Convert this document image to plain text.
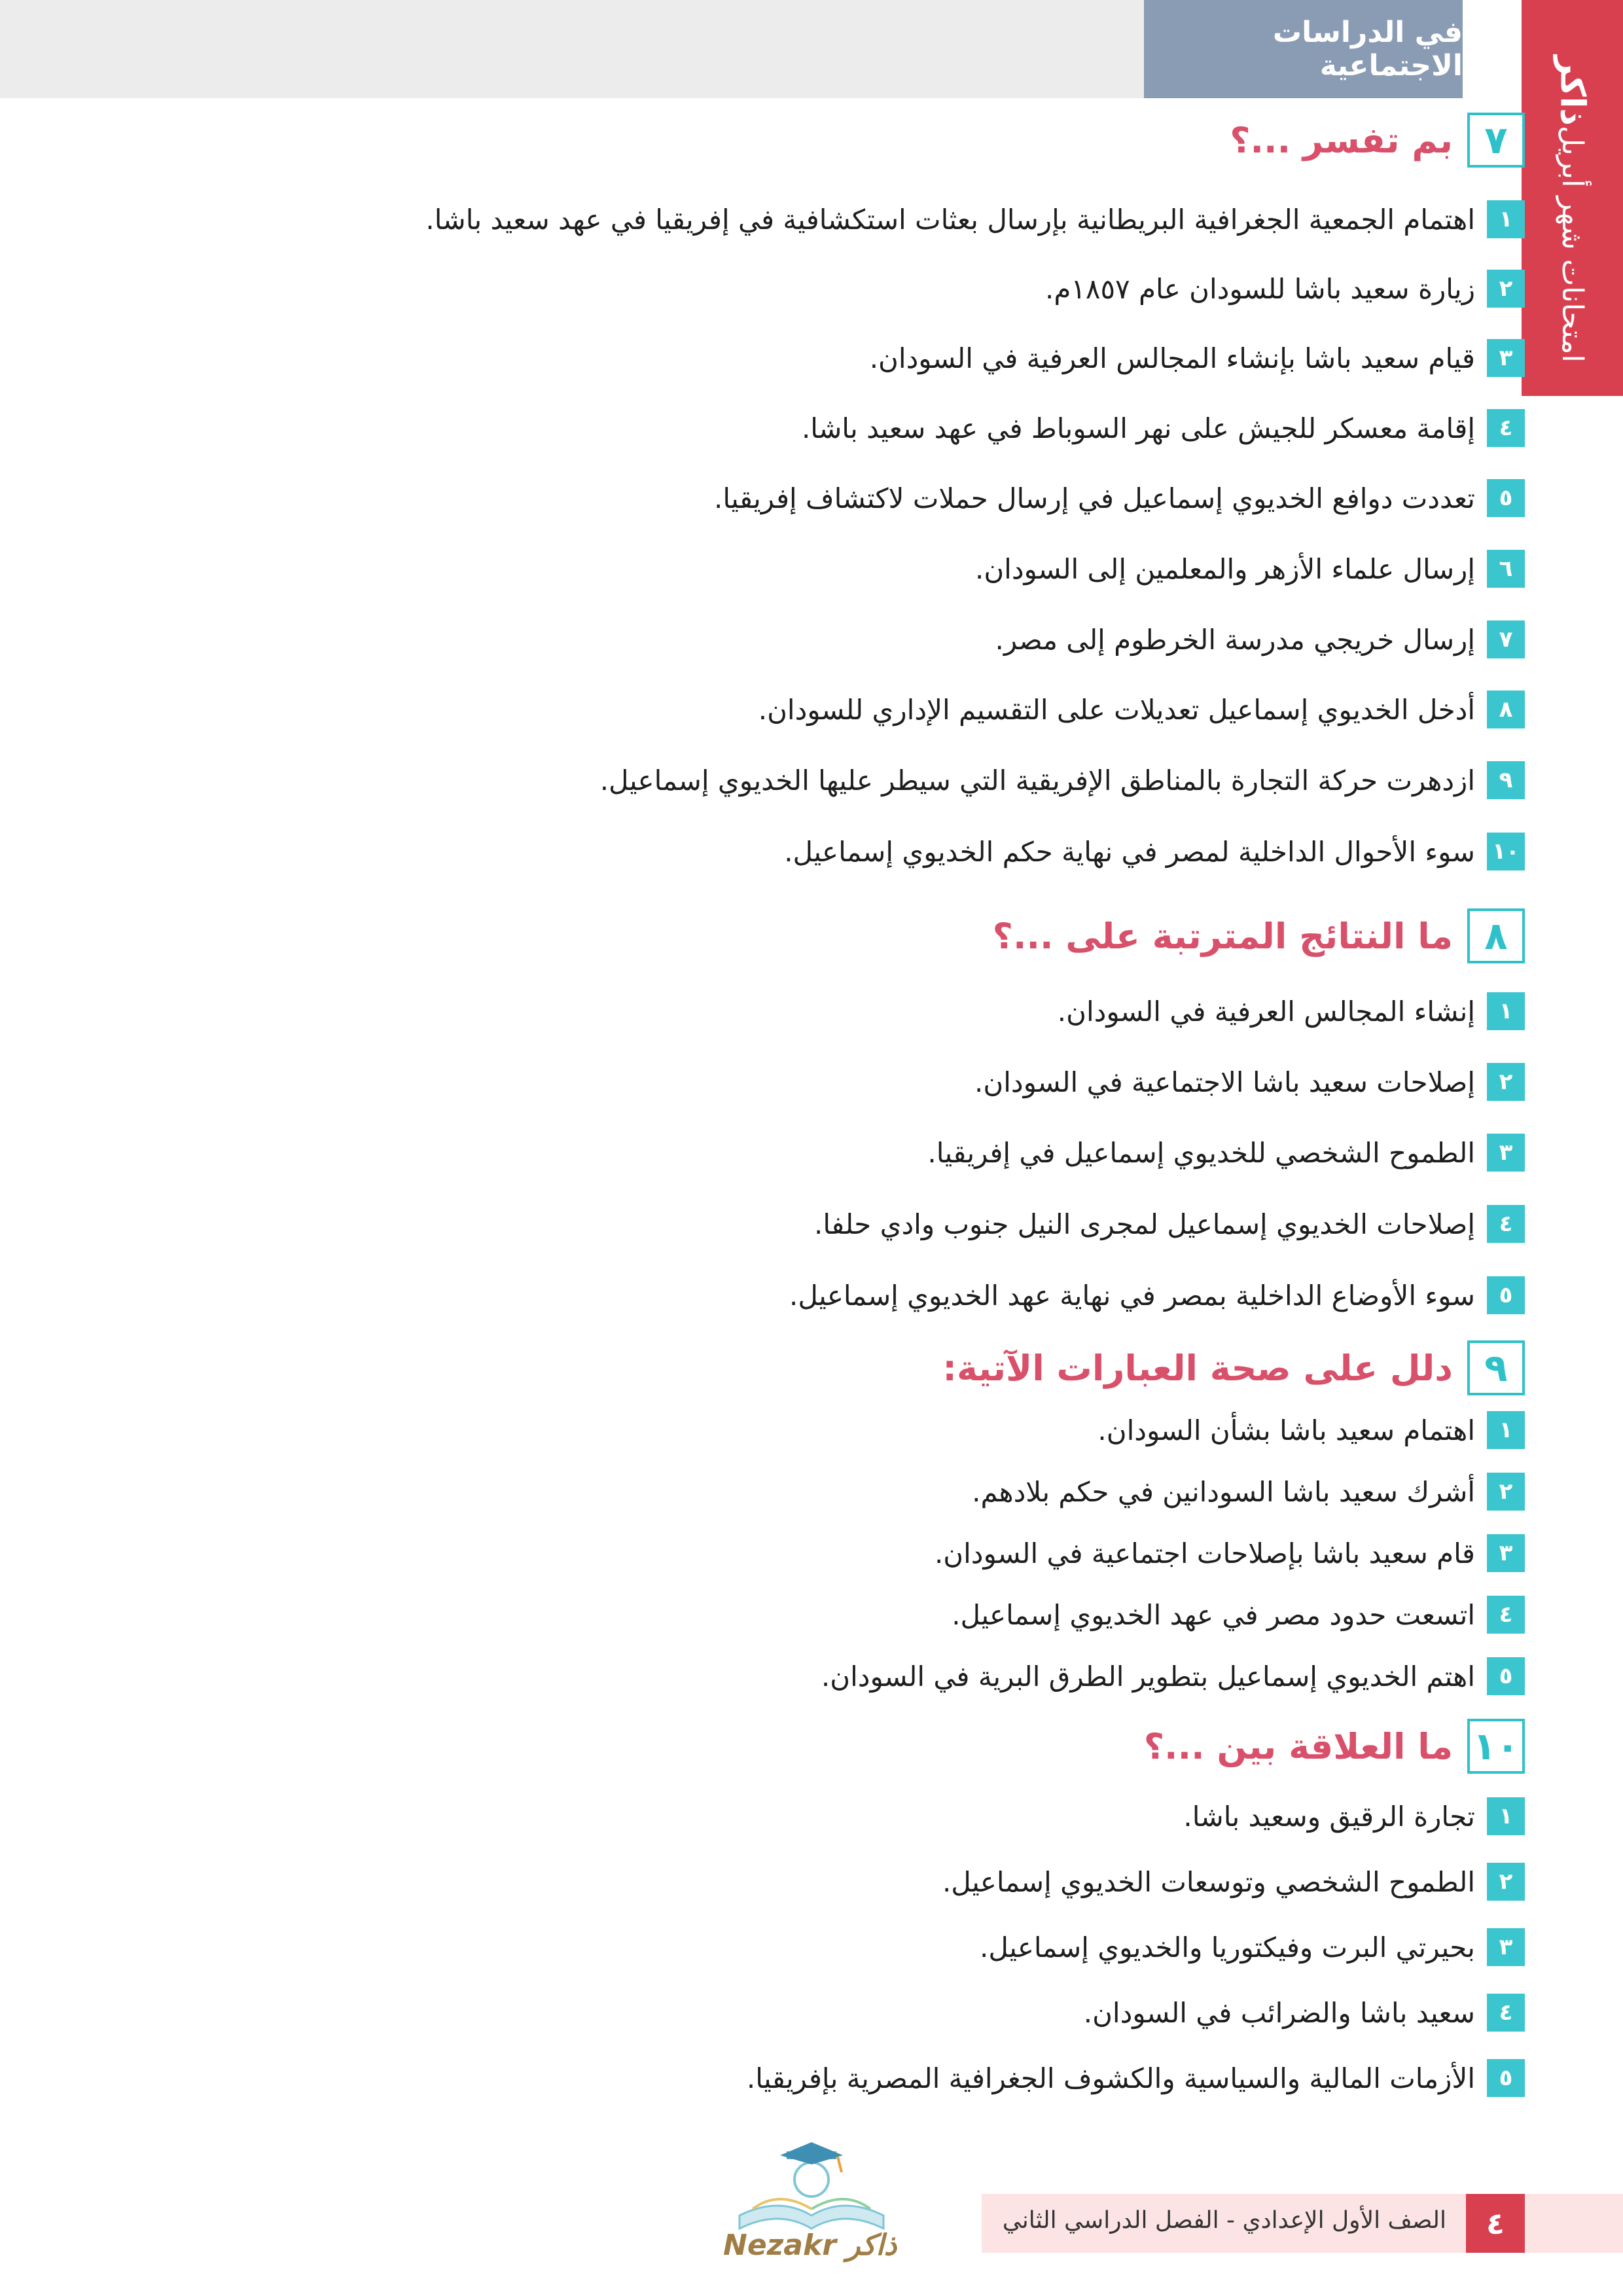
في الدراسات الاجتماعية
امتحانات شهر أبريل
ذاكر
٧
بم تفسر ...؟
١
اهتمام الجمعية الجغرافية البريطانية بإرسال بعثات استكشافية في إفريقيا في عهد سعيد باشا.
٢
زيارة سعيد باشا للسودان عام ١٨٥٧م.
٣
قيام سعيد باشا بإنشاء المجالس العرفية في السودان.
٤
إقامة معسكر للجيش على نهر السوباط في عهد سعيد باشا.
٥
تعددت دوافع الخديوي إسماعيل في إرسال حملات لاكتشاف إفريقيا.
٦
إرسال علماء الأزهر والمعلمين إلى السودان.
٧
إرسال خريجي مدرسة الخرطوم إلى مصر.
٨
أدخل الخديوي إسماعيل تعديلات على التقسيم الإداري للسودان.
٩
ازدهرت حركة التجارة بالمناطق الإفريقية التي سيطر عليها الخديوي إسماعيل.
١٠
سوء الأحوال الداخلية لمصر في نهاية حكم الخديوي إسماعيل.
٨
ما النتائج المترتبة على ...؟
١
إنشاء المجالس العرفية في السودان.
٢
إصلاحات سعيد باشا الاجتماعية في السودان.
٣
الطموح الشخصي للخديوي إسماعيل في إفريقيا.
٤
إصلاحات الخديوي إسماعيل لمجرى النيل جنوب وادي حلفا.
٥
سوء الأوضاع الداخلية بمصر في نهاية عهد الخديوي إسماعيل.
٩
دلل على صحة العبارات الآتية:
١
اهتمام سعيد باشا بشأن السودان.
٢
أشرك سعيد باشا السودانين في حكم بلادهم.
٣
قام سعيد باشا بإصلاحات اجتماعية في السودان.
٤
اتسعت حدود مصر في عهد الخديوي إسماعيل.
٥
اهتم الخديوي إسماعيل بتطوير الطرق البرية في السودان.
١٠
ما العلاقة بين ...؟
١
تجارة الرقيق وسعيد باشا.
٢
الطموح الشخصي وتوسعات الخديوي إسماعيل.
٣
بحيرتي البرت وفيكتوريا والخديوي إسماعيل.
٤
سعيد باشا والضرائب في السودان.
٥
الأزمات المالية والسياسية والكشوف الجغرافية المصرية بإفريقيا.
Nezakr ذاكر
٤
الصف الأول الإعدادي - الفصل الدراسي الثاني
